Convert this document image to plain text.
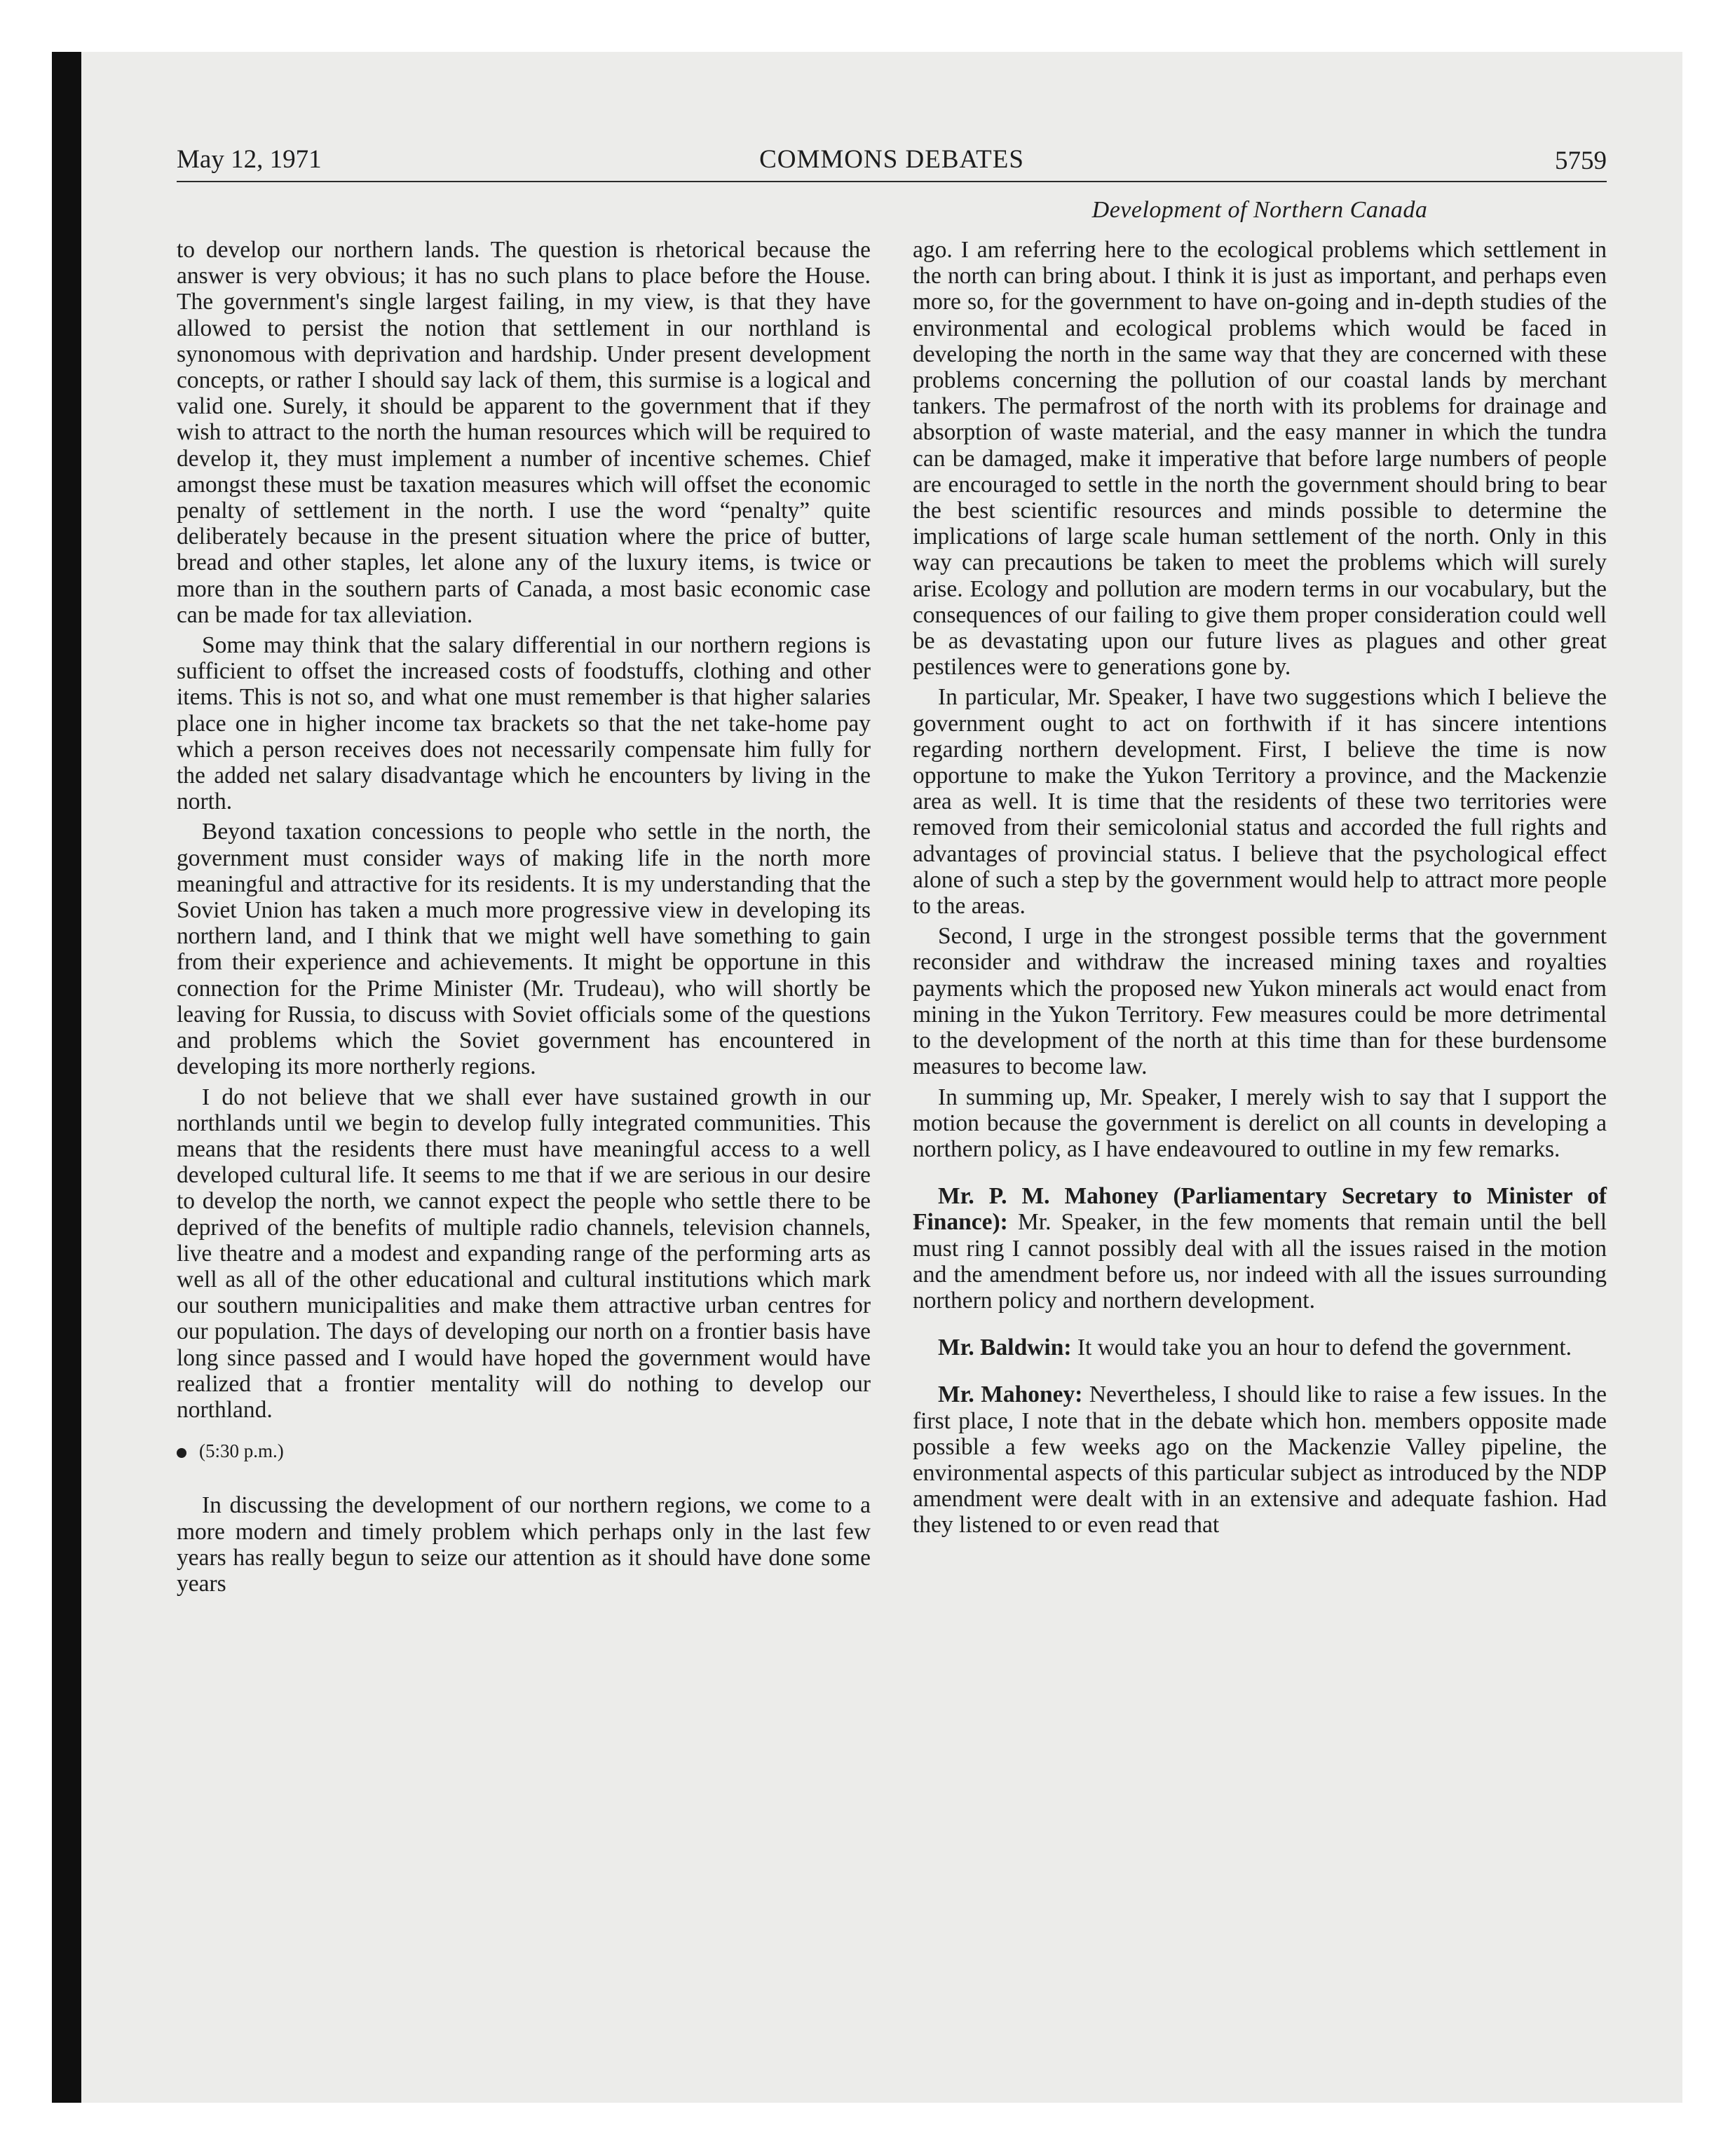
May 12, 1971	COMMONS DEBATES	5759

to develop our northern lands. The question is rhetorical because the answer is very obvious; it has no such plans to place before the House. The government's single largest failing, in my view, is that they have allowed to persist the notion that settlement in our northland is synonomous with deprivation and hardship. Under present development concepts, or rather I should say lack of them, this surmise is a logical and valid one. Surely, it should be apparent to the government that if they wish to attract to the north the human resources which will be required to develop it, they must implement a number of incentive schemes. Chief amongst these must be taxation measures which will offset the economic penalty of settlement in the north. I use the word “penalty” quite deliberately because in the present situation where the price of butter, bread and other staples, let alone any of the luxury items, is twice or more than in the southern parts of Canada, a most basic economic case can be made for tax alleviation.

Some may think that the salary differential in our northern regions is sufficient to offset the increased costs of foodstuffs, clothing and other items. This is not so, and what one must remember is that higher salaries place one in higher income tax brackets so that the net take-home pay which a person receives does not necessarily compensate him fully for the added net salary disadvantage which he encounters by living in the north.

Beyond taxation concessions to people who settle in the north, the government must consider ways of making life in the north more meaningful and attractive for its residents. It is my understanding that the Soviet Union has taken a much more progressive view in developing its northern land, and I think that we might well have something to gain from their experience and achievements. It might be opportune in this connection for the Prime Minister (Mr. Trudeau), who will shortly be leaving for Russia, to discuss with Soviet officials some of the questions and problems which the Soviet government has encountered in developing its more northerly regions.

I do not believe that we shall ever have sustained growth in our northlands until we begin to develop fully integrated communities. This means that the residents there must have meaningful access to a well developed cultural life. It seems to me that if we are serious in our desire to develop the north, we cannot expect the people who settle there to be deprived of the benefits of multiple radio channels, television channels, live theatre and a modest and expanding range of the performing arts as well as all of the other educational and cultural institutions which mark our southern municipalities and make them attractive urban centres for our population. The days of developing our north on a frontier basis have long since passed and I would have hoped the government would have realized that a frontier mentality will do nothing to develop our northland.

(5:30 p.m.)

In discussing the development of our northern regions, we come to a more modern and timely problem which perhaps only in the last few years has really begun to seize our attention as it should have done some years

Development of Northern Canada

ago. I am referring here to the ecological problems which settlement in the north can bring about. I think it is just as important, and perhaps even more so, for the government to have on-going and in-depth studies of the environmental and ecological problems which would be faced in developing the north in the same way that they are concerned with these problems concerning the pollution of our coastal lands by merchant tankers. The permafrost of the north with its problems for drainage and absorption of waste material, and the easy manner in which the tundra can be damaged, make it imperative that before large numbers of people are encouraged to settle in the north the government should bring to bear the best scientific resources and minds possible to determine the implications of large scale human settlement of the north. Only in this way can precautions be taken to meet the problems which will surely arise. Ecology and pollution are modern terms in our vocabulary, but the consequences of our failing to give them proper consideration could well be as devastating upon our future lives as plagues and other great pestilences were to generations gone by.

In particular, Mr. Speaker, I have two suggestions which I believe the government ought to act on forthwith if it has sincere intentions regarding northern development. First, I believe the time is now opportune to make the Yukon Territory a province, and the Mackenzie area as well. It is time that the residents of these two territories were removed from their semicolonial status and accorded the full rights and advantages of provincial status. I believe that the psychological effect alone of such a step by the government would help to attract more people to the areas.

Second, I urge in the strongest possible terms that the government reconsider and withdraw the increased mining taxes and royalties payments which the proposed new Yukon minerals act would enact from mining in the Yukon Territory. Few measures could be more detrimental to the development of the north at this time than for these burdensome measures to become law.

In summing up, Mr. Speaker, I merely wish to say that I support the motion because the government is derelict on all counts in developing a northern policy, as I have endeavoured to outline in my few remarks.

Mr. P. M. Mahoney (Parliamentary Secretary to Minister of Finance): Mr. Speaker, in the few moments that remain until the bell must ring I cannot possibly deal with all the issues raised in the motion and the amendment before us, nor indeed with all the issues surrounding northern policy and northern development.

Mr. Baldwin: It would take you an hour to defend the government.

Mr. Mahoney: Nevertheless, I should like to raise a few issues. In the first place, I note that in the debate which hon. members opposite made possible a few weeks ago on the Mackenzie Valley pipeline, the environmental aspects of this particular subject as introduced by the NDP amendment were dealt with in an extensive and adequate fashion. Had they listened to or even read that
